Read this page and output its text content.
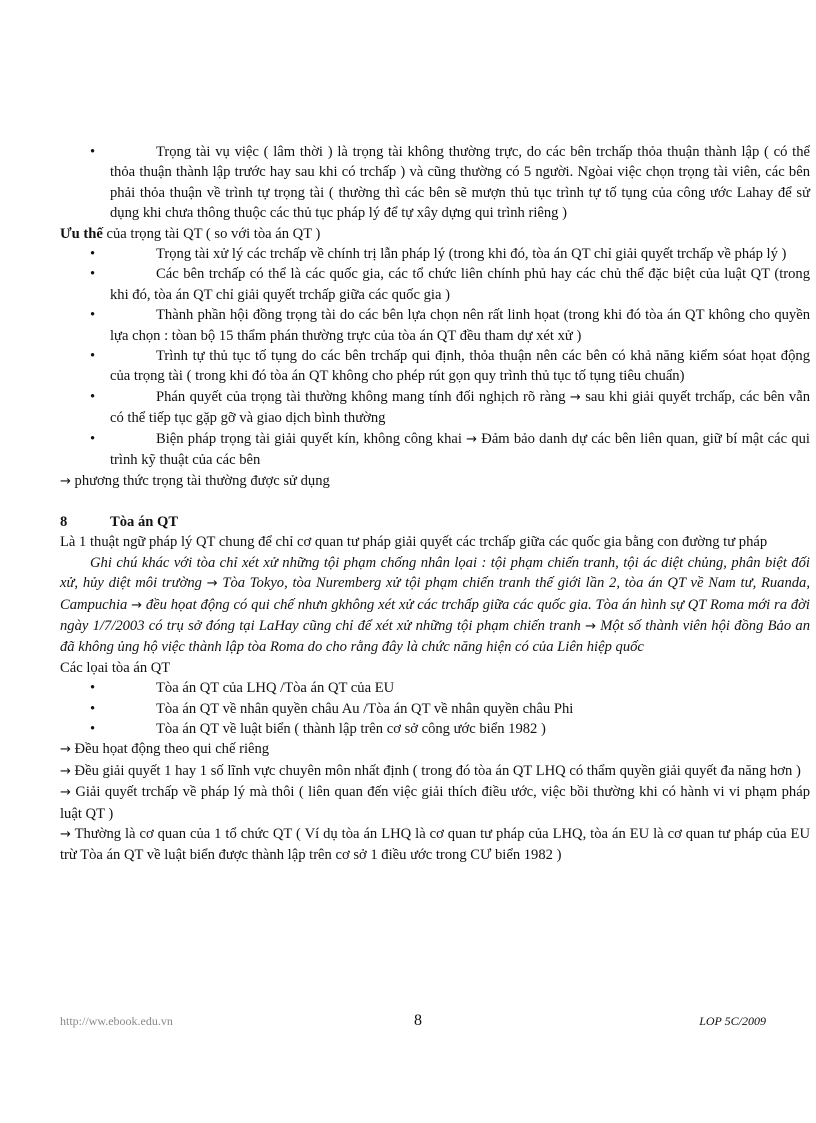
•	Trọng tài vụ việc ( lâm thời ) là trọng tài không thường trực, do các bên trchấp thỏa thuận thành lập ( có thể thỏa thuận thành lập trước hay sau khi có trchấp ) và cũng thường có 5 người. Ngòai việc chọn trọng tài viên, các bên phải thỏa thuận về trình tự trọng tài ( thường thì các bên sẽ mượn thủ tục trình tự tố tụng của công ước Lahay để sử dụng khi chưa thông thuộc các thủ tục pháp lý để tự xây dựng qui trình riêng )

Ưu thế của trọng tài QT ( so với tòa án QT )

•	Trọng tài xử lý các trchấp về chính trị lẫn pháp lý (trong khi đó, tòa án QT chỉ giải quyết trchấp về pháp lý )

•	Các bên trchấp có thể là các quốc gia, các tổ chức liên chính phủ hay các chủ thể đặc biệt của luật QT (trong khi đó, tòa án QT chỉ giải quyết trchấp giữa các quốc gia )

•	Thành phần hội đồng trọng tài do các bên lựa chọn nên rất linh họat (trong khi đó tòa án QT không cho quyền lựa chọn : tòan bộ 15 thẩm phán thường trực của tòa án QT đều tham dự xét xử )

•	Trình tự thủ tục tố tụng do các bên trchấp qui định, thỏa thuận nên các bên có khả năng kiểm sóat họat động của trọng tài ( trong khi đó tòa án QT không cho phép rút gọn quy trình thủ tục tố tụng tiêu chuẩn)

•	Phán quyết của trọng tài thường không mang tính đối nghịch rõ ràng → sau khi giải quyết trchấp, các bên vẫn có thể tiếp tục gặp gỡ và giao dịch bình thường

•	Biện pháp trọng tài giải quyết kín, không công khai → Đảm bảo danh dự các bên liên quan, giữ bí mật các qui trình kỹ thuật của các bên

→ phương thức trọng tài thường được sử dụng

8	Tòa án QT

Là 1 thuật ngữ pháp lý QT chung để chỉ cơ quan tư pháp giải quyết các trchấp giữa các quốc gia bằng con đường tư pháp

Ghi chú khác với tòa chỉ xét xử những tội phạm chống nhân lọai : tội phạm chiến tranh, tội ác diệt chủng, phân biệt đối xử, hủy diệt môi trường → Tòa Tokyo, tòa Nuremberg xử tội phạm chiến tranh thế giới lần 2, tòa án QT về Nam tư, Ruanda, Campuchia → đều họat động có qui chế nhưn gkhông xét xử các trchấp giữa các quốc gia. Tòa án hình sự QT Roma mới ra đời ngày 1/7/2003 có trụ sở đóng tại LaHay cũng chỉ để xét xử những tội phạm chiến tranh → Một số thành viên hội đồng Bảo an đã không ủng hộ việc thành lập tòa Roma do cho rằng đây là chức năng hiện có của Liên hiệp quốc

Các lọai tòa án QT

•	Tòa án QT của LHQ /Tòa án QT của EU

•	Tòa án QT về nhân quyền châu Au /Tòa án QT về nhân quyền châu Phi

•	Tòa án QT về luật biển ( thành lập trên cơ sở công ước biển 1982 )

→ Đều họat động theo qui chế riêng

→ Đều giải quyết 1 hay 1 số lĩnh vực chuyên môn nhất định ( trong đó tòa án QT LHQ có thẩm quyền giải quyết đa năng hơn )

→ Giải quyết trchấp về pháp lý mà thôi ( liên quan đến việc giải thích điều ước, việc bồi thường khi có hành vi vi phạm pháp luật QT )

→ Thường là cơ quan của 1 tổ chức QT ( Ví dụ tòa án LHQ là cơ quan tư pháp của LHQ, tòa án EU là cơ quan tư pháp của EU trừ Tòa án QT về luật biển được thành lập trên cơ sở 1 điều ước trong CƯ biển 1982 )

http://ww.ebook.edu.vn	8	LOP 5C/2009
